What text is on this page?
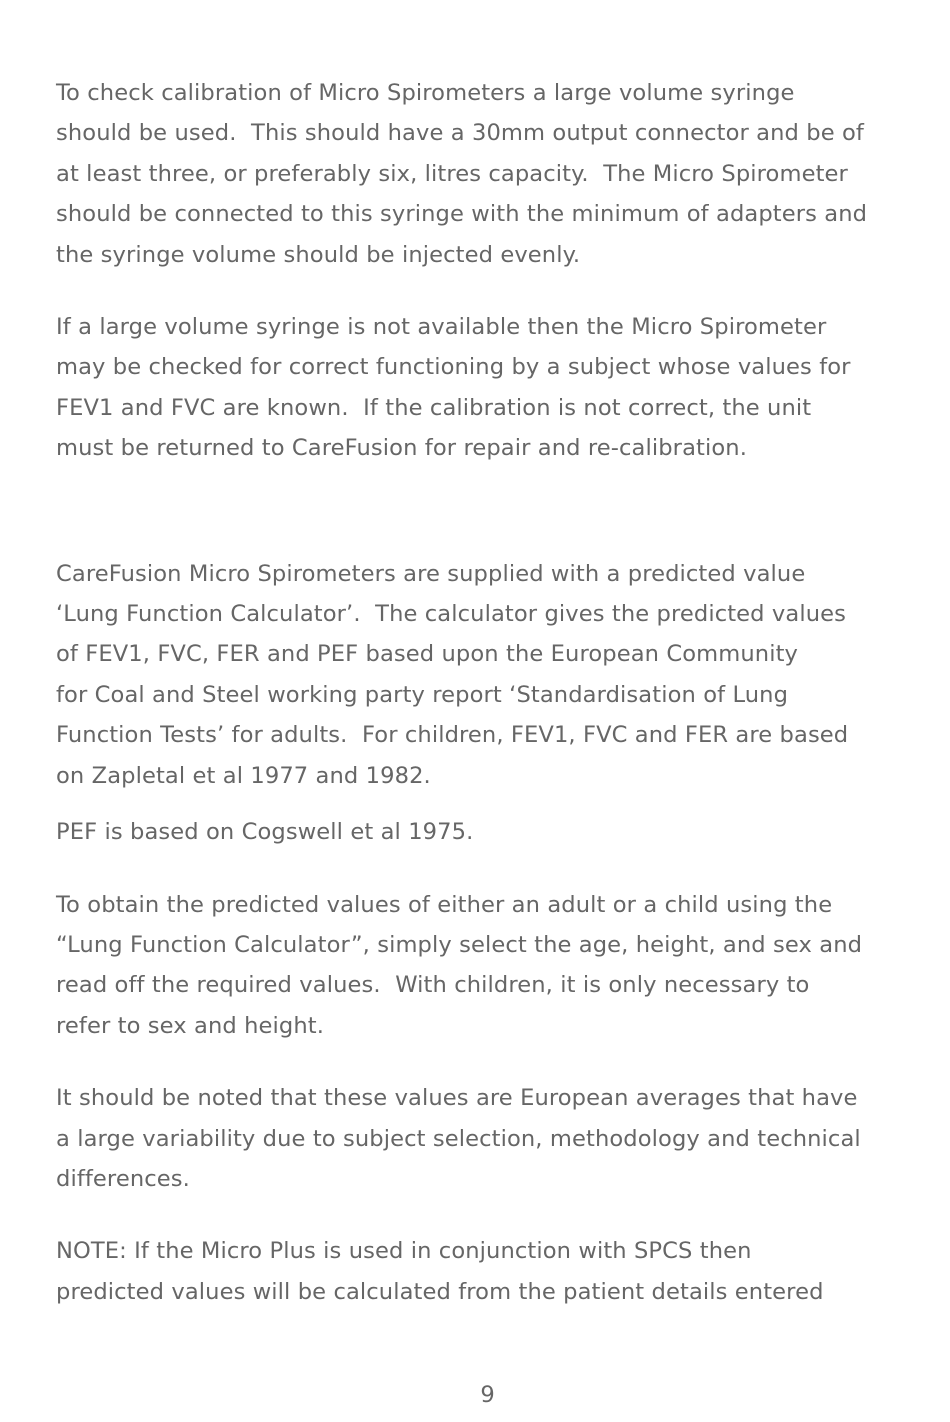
To check calibration of Micro Spirometers a large volume syringe
should be used.  This should have a 30mm output connector and be of
at least three, or preferably six, litres capacity.  The Micro Spirometer
should be connected to this syringe with the minimum of adapters and
the syringe volume should be injected evenly.

If a large volume syringe is not available then the Micro Spirometer
may be checked for correct functioning by a subject whose values for
FEV1 and FVC are known.  If the calibration is not correct, the unit
must be returned to CareFusion for repair and re-calibration.

CareFusion Micro Spirometers are supplied with a predicted value
‘Lung Function Calculator’.  The calculator gives the predicted values
of FEV1, FVC, FER and PEF based upon the European Community
for Coal and Steel working party report ‘Standardisation of Lung
Function Tests’ for adults.  For children, FEV1, FVC and FER are based
on Zapletal et al 1977 and 1982.

PEF is based on Cogswell et al 1975.

To obtain the predicted values of either an adult or a child using the
“Lung Function Calculator”, simply select the age, height, and sex and
read off the required values.  With children, it is only necessary to
refer to sex and height.

It should be noted that these values are European averages that have
a large variability due to subject selection, methodology and technical
differences.

NOTE: If the Micro Plus is used in conjunction with SPCS then
predicted values will be calculated from the patient details entered

9
